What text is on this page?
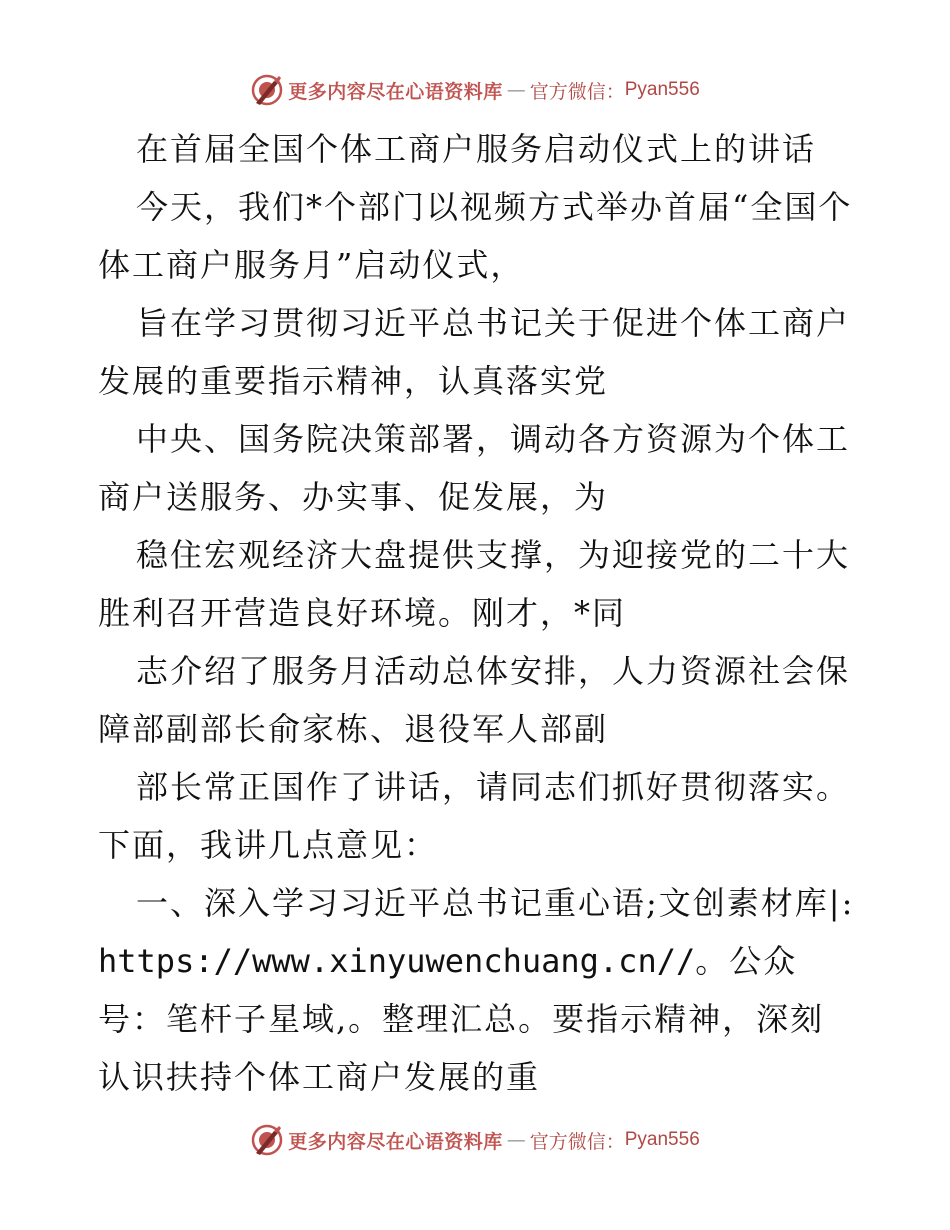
更多内容尽在心语资料库 — 官方微信： Pyan556

在首届全国个体工商户服务启动仪式上的讲话

今天，我们*个部门以视频方式举办首届“全国个体工商户服务月”启动仪式，

旨在学习贯彻习近平总书记关于促进个体工商户发展的重要指示精神，认真落实党

中央、国务院决策部署，调动各方资源为个体工商户送服务、办实事、促发展，为

稳住宏观经济大盘提供支撑，为迎接党的二十大胜利召开营造良好环境。刚才，*同

志介绍了服务月活动总体安排，人力资源社会保障部副部长俞家栋、退役军人部副

部长常正国作了讲话，请同志们抓好贯彻落实。下面，我讲几点意见：

一、深入学习习近平总书记重心语;文创素材库|: https://www.xinyuwenchuang.cn//。公众号：笔杆子星域,。整理汇总。要指示精神，深刻认识扶持个体工商户发展的重

更多内容尽在心语资料库 — 官方微信： Pyan556
